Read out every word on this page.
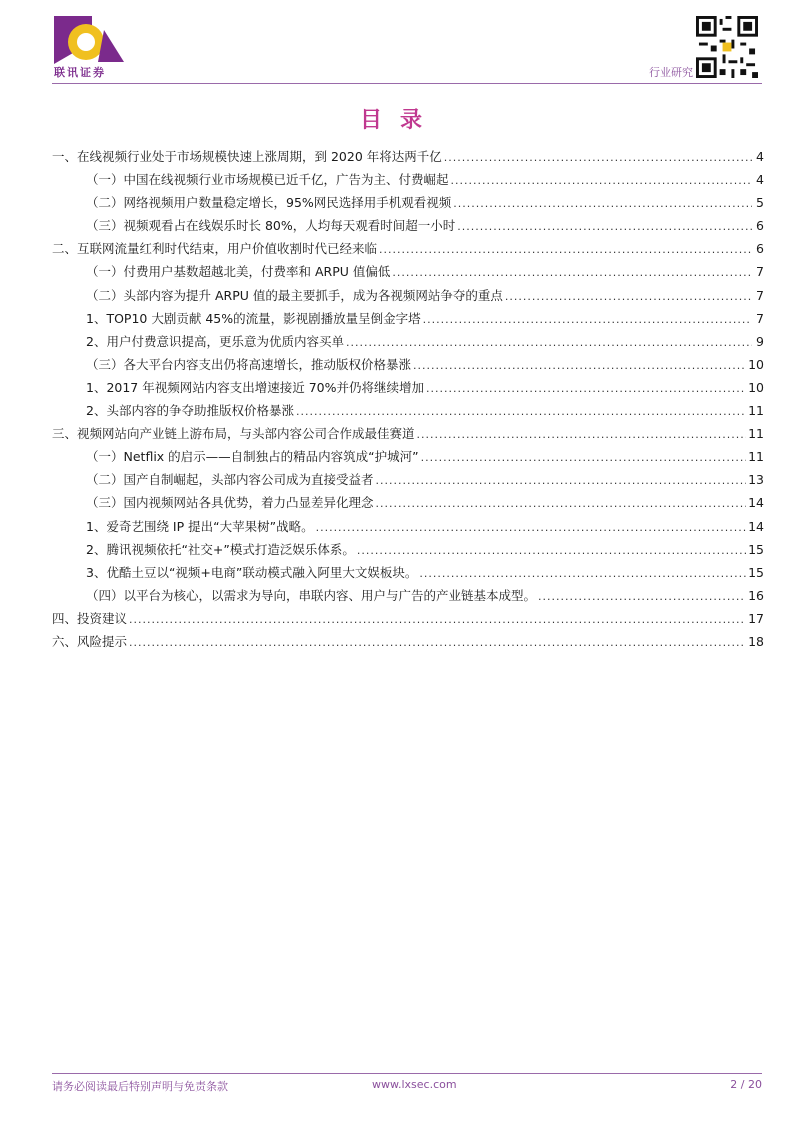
联讯证券	行业研究
目录
一、在线视频行业处于市场规模快速上涨周期，到 2020 年将达两千亿 .....	4
（一）中国在线视频行业市场规模已近千亿，广告为主、付费崛起 .....	4
（二）网络视频用户数量稳定增长，95%网民选择用手机观看视频 .....	5
（三）视频观看占在线娱乐时长 80%，人均每天观看时间超一小时 .....	6
二、互联网流量红利时代结束，用户价值收割时代已经来临 .....	6
（一）付费用户基数超越北美，付费率和 ARPU 值偏低 .....	7
（二）头部内容为提升 ARPU 值的最主要抓手，成为各视频网站争夺的重点 .....	7
1、TOP10 大剧贡献 45%的流量，影视剧播放量呈倒金字塔 .....	7
2、用户付费意识提高，更乐意为优质内容买单 .....	9
（三）各大平台内容支出仍将高速增长，推动版权价格暴涨 .....	10
1、2017 年视频网站内容支出增速接近 70%并仍将继续增加 .....	10
2、头部内容的争夺助推版权价格暴涨 .....	11
三、视频网站向产业链上游布局，与头部内容公司合作成最佳赛道 .....	11
（一）Netflix 的启示——自制独占的精品内容筑成“护城河” .....	11
（二）国产自制崛起，头部内容公司成为直接受益者 .....	13
（三）国内视频网站各具优势，着力凸显差异化理念 .....	14
1、爱奇艺围绕 IP 提出“大苹果树”战略。 .....	14
2、腾讯视频依托“社交+”模式打造泛娱乐体系。 .....	15
3、优酷土豆以“视频+电商”联动模式融入阿里大文娱板块。 .....	15
（四）以平台为核心，以需求为导向，串联内容、用户与广告的产业链基本成型。 .....	16
四、投资建议 .....	17
六、风险提示 .....	18
请务必阅读最后特别声明与免责条款	www.lxsec.com	2 / 20
